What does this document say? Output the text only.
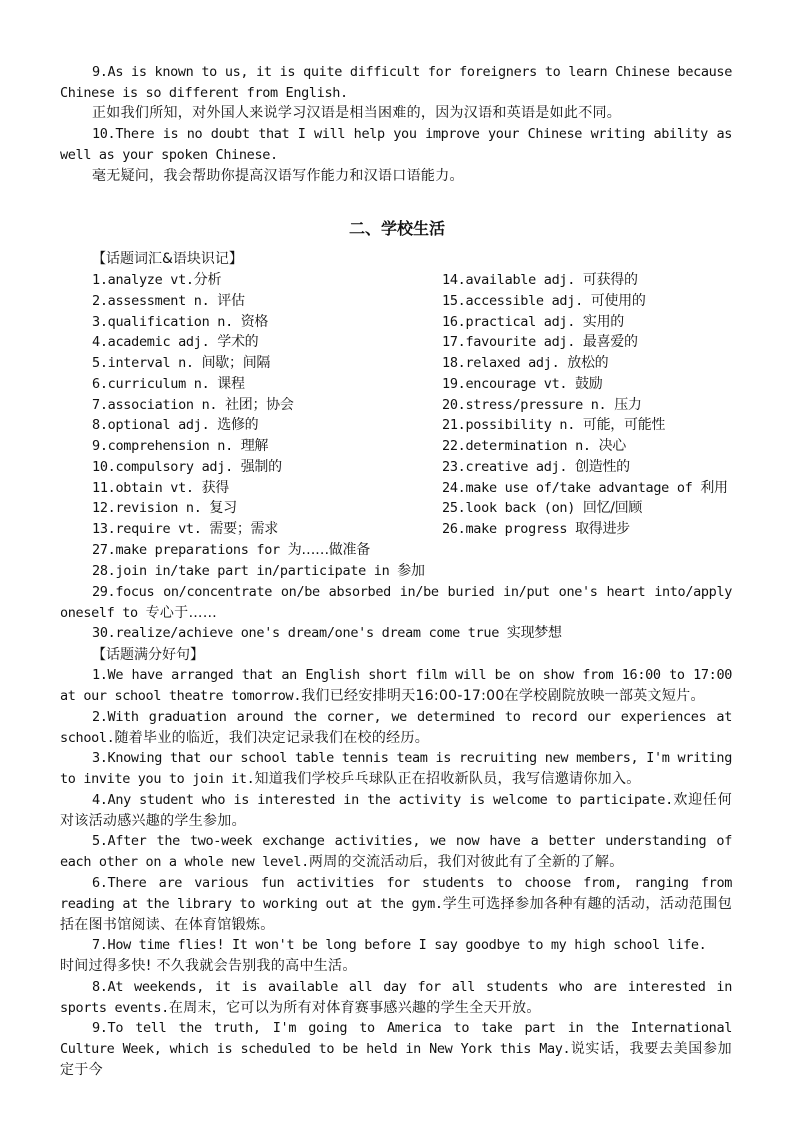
9.As is known to us, it is quite difficult for foreigners to learn Chinese because Chinese is so different from English.

正如我们所知，对外国人来说学习汉语是相当困难的，因为汉语和英语是如此不同。

10.There is no doubt that I will help you improve your Chinese writing ability as well as your spoken Chinese.

毫无疑问，我会帮助你提高汉语写作能力和汉语口语能力。

二、学校生活
【话题词汇&语块识记】
1.analyze vt.分析
2.assessment n. 评估
3.qualification n. 资格
4.academic adj. 学术的
5.interval n. 间歇；间隔
6.curriculum n. 课程
7.association n. 社团；协会
8.optional adj. 选修的
9.comprehension n. 理解
10.compulsory adj. 强制的
11.obtain vt. 获得
12.revision n. 复习
13.require vt. 需要；需求
14.available adj. 可获得的
15.accessible adj. 可使用的
16.practical adj. 实用的
17.favourite adj. 最喜爱的
18.relaxed adj. 放松的
19.encourage vt. 鼓励
20.stress/pressure n. 压力
21.possibility n. 可能，可能性
22.determination n. 决心
23.creative adj. 创造性的
24.make use of/take advantage of 利用
25.look back (on) 回忆/回顾
26.make progress 取得进步
27.make preparations for 为……做准备
28.join in/take part in/participate in 参加

29.focus on/concentrate on/be absorbed in/be buried in/put one's heart into/apply oneself to 专心于……

30.realize/achieve one's dream/one's dream come true 实现梦想
【话题满分好句】

1.We have arranged that an English short film will be on show from 16:00 to 17:00 at our school theatre tomorrow.我们已经安排明天16:00-17:00在学校剧院放映一部英文短片。

2.With graduation around the corner, we determined to record our experiences at school.随着毕业的临近，我们决定记录我们在校的经历。

3.Knowing that our school table tennis team is recruiting new members, I'm writing to invite you to join it.知道我们学校乒乓球队正在招收新队员，我写信邀请你加入。

4.Any student who is interested in the activity is welcome to participate.欢迎任何对该活动感兴趣的学生参加。

5.After the two-week exchange activities, we now have a better understanding of each other on a whole new level.两周的交流活动后，我们对彼此有了全新的了解。

6.There are various fun activities for students to choose from, ranging from reading at the library to working out at the gym.学生可选择参加各种有趣的活动，活动范围包括在图书馆阅读、在体育馆锻炼。

7.How time flies! It won't be long before I say goodbye to my high school life.
时间过得多快! 不久我就会告别我的高中生活。

8.At weekends, it is available all day for all students who are interested in sports events.在周末，它可以为所有对体育赛事感兴趣的学生全天开放。

9.To tell the truth, I'm going to America to take part in the International Culture Week, which is scheduled to be held in New York this May.说实话，我要去美国参加定于今
